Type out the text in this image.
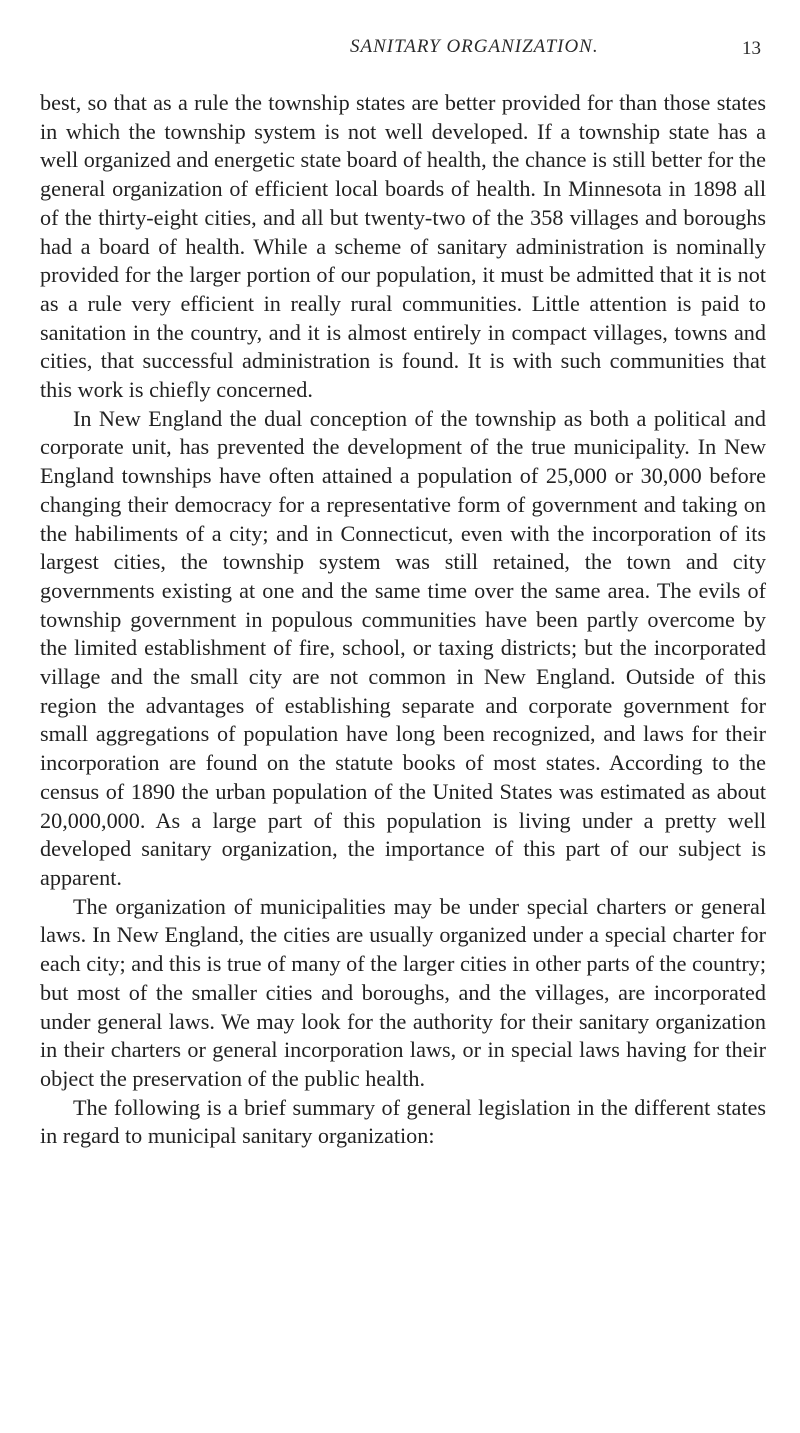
SANITARY ORGANIZATION.	13

best, so that as a rule the township states are better provided for than those states in which the township system is not well developed. If a township state has a well organized and energetic state board of health, the chance is still better for the general organization of efficient local boards of health. In Minnesota in 1898 all of the thirty-eight cities, and all but twenty-two of the 358 villages and boroughs had a board of health. While a scheme of sanitary administration is nominally provided for the larger portion of our population, it must be admitted that it is not as a rule very efficient in really rural communities. Little attention is paid to sanitation in the country, and it is almost entirely in compact villages, towns and cities, that successful administration is found. It is with such communities that this work is chiefly concerned.

In New England the dual conception of the township as both a political and corporate unit, has prevented the development of the true municipality. In New England townships have often attained a population of 25,000 or 30,000 before changing their democracy for a representative form of government and taking on the habiliments of a city; and in Connecticut, even with the incorporation of its largest cities, the township system was still retained, the town and city governments existing at one and the same time over the same area. The evils of township government in populous communities have been partly overcome by the limited establishment of fire, school, or taxing districts; but the incorporated village and the small city are not common in New England. Outside of this region the advantages of establishing separate and corporate government for small aggregations of population have long been recognized, and laws for their incorporation are found on the statute books of most states. According to the census of 1890 the urban population of the United States was estimated as about 20,000,000. As a large part of this population is living under a pretty well developed sanitary organization, the importance of this part of our subject is apparent.

The organization of municipalities may be under special charters or general laws. In New England, the cities are usually organized under a special charter for each city; and this is true of many of the larger cities in other parts of the country; but most of the smaller cities and boroughs, and the villages, are incorporated under general laws. We may look for the authority for their sanitary organization in their charters or general incorporation laws, or in special laws having for their object the preservation of the public health.

The following is a brief summary of general legislation in the different states in regard to municipal sanitary organization:
